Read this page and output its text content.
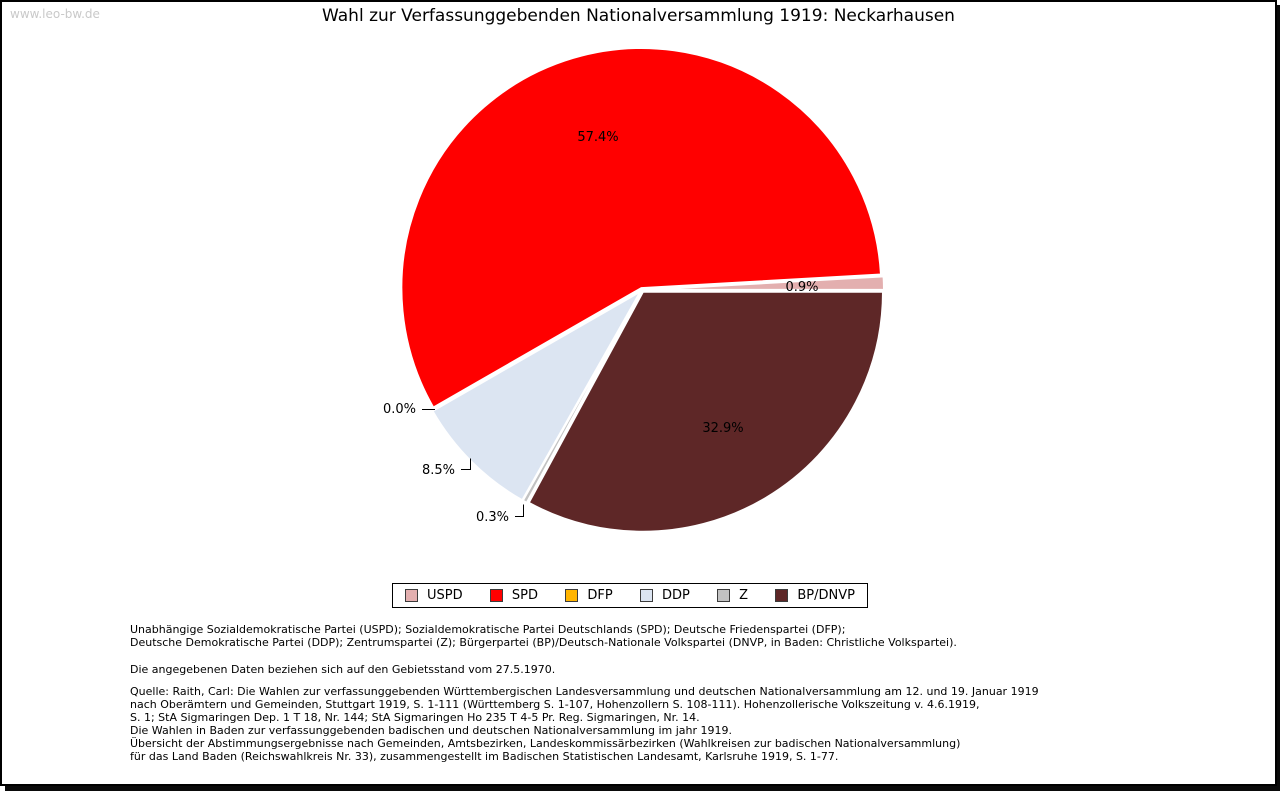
www.leo-bw.de	Wahl zur Verfassunggebenden Nationalversammlung 1919: Neckarhausen
0.9%
57.4%
0.0%
8.5%
0.3%
32.9%
USPD	SPD	DFP	DDP	Z	BP/DNVP
Unabhängige Sozialdemokratische Partei (USPD); Sozialdemokratische Partei Deutschlands (SPD); Deutsche Friedenspartei (DFP);
Deutsche Demokratische Partei (DDP); Zentrumspartei (Z); Bürgerpartei (BP)/Deutsch-Nationale Volkspartei (DNVP, in Baden: Christliche Volkspartei).
Die angegebenen Daten beziehen sich auf den Gebietsstand vom 27.5.1970.
Quelle: Raith, Carl: Die Wahlen zur verfassunggebenden Württembergischen Landesversammlung und deutschen Nationalversammlung am 12. und 19. Januar 1919
nach Oberämtern und Gemeinden, Stuttgart 1919, S. 1-111 (Württemberg S. 1-107, Hohenzollern S. 108-111). Hohenzollerische Volkszeitung v. 4.6.1919,
S. 1; StA Sigmaringen Dep. 1 T 18, Nr. 144; StA Sigmaringen Ho 235 T 4-5 Pr. Reg. Sigmaringen, Nr. 14.
Die Wahlen in Baden zur verfassunggebenden badischen und deutschen Nationalversammlung im jahr 1919.
Übersicht der Abstimmungsergebnisse nach Gemeinden, Amtsbezirken, Landeskommissärbezirken (Wahlkreisen zur badischen Nationalversammlung)
für das Land Baden (Reichswahlkreis Nr. 33), zusammengestellt im Badischen Statistischen Landesamt, Karlsruhe 1919, S. 1-77.
